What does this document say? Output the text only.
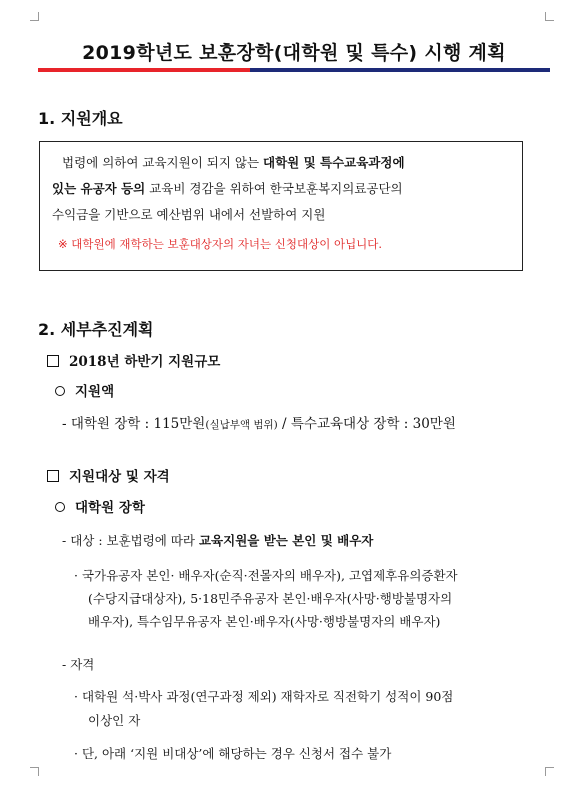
2019학년도 보훈장학(대학원 및 특수) 시행 계획
1. 지원개요
법령에 의하여 교육지원이 되지 않는 대학원 및 특수교육과정에
있는 유공자 등의 교육비 경감을 위하여 한국보훈복지의료공단의
수익금을 기반으로 예산범위 내에서 선발하여 지원
※ 대학원에 재학하는 보훈대상자의 자녀는 신청대상이 아닙니다.
2. 세부추진계획
2018년 하반기 지원규모
지원액
- 대학원 장학 : 115만원(실납부액 범위) / 특수교육대상 장학 : 30만원
지원대상 및 자격
대학원 장학
- 대상 : 보훈법령에 따라 교육지원을 받는 본인 및 배우자
· 국가유공자 본인· 배우자(순직·전몰자의 배우자), 고엽제후유의증환자
(수당지급대상자), 5·18민주유공자 본인·배우자(사망·행방불명자의
배우자), 특수임무유공자 본인·배우자(사망·행방불명자의 배우자)
- 자격
· 대학원 석·박사 과정(연구과정 제외) 재학자로 직전학기 성적이 90점
이상인 자
· 단, 아래 ‘지원 비대상’에 해당하는 경우 신청서 접수 불가
